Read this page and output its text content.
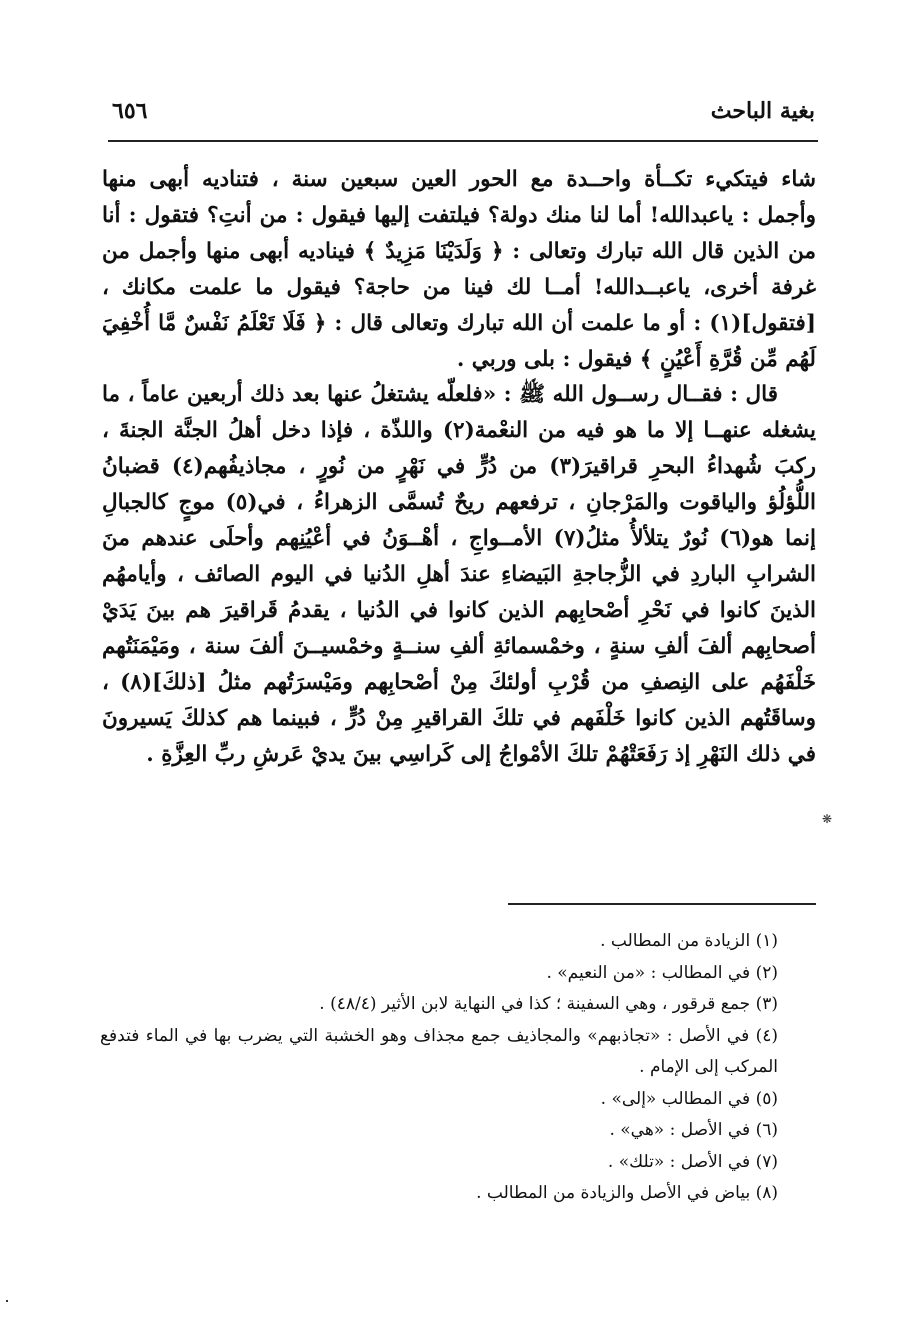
بغية الباحث
٦٥٦

شاء فيتكيء تكــأة واحــدة مع الحور العين سبعين سنة ، فتناديه أبهى منها وأجمل : ياعبدالله! أما لنا منك دولة؟ فيلتفت إليها فيقول : من أنتِ؟ فتقول : أنا من الذين قال الله تبارك وتعالى : ﴿ وَلَدَيْنَا مَزِيدٌ ﴾ فيناديه أبهى منها وأجمل من غرفة أخرى، ياعبــدالله! أمــا لك فينا من حاجة؟ فيقول ما علمت مكانك ، [فتقول](١) : أو ما علمت أن الله تبارك وتعالى قال : ﴿ فَلَا تَعْلَمُ نَفْسٌ مَّا أُخْفِيَ لَهُم مِّن قُرَّةِ أَعْيُنٍ ﴾ فيقول : بلى وربي .

قال : فقــال رســول الله ﷺ : «فلعلّه يشتغلُ عنها بعد ذلك أربعين عاماً ، ما يشغله عنهــا إلا ما هو فيه من النعْمة(٢) واللذّة ، فإذا دخل أهلُ الجنَّة الجنةَ ، ركبَ شُهداءُ البحرِ قراقيرَ(٣) من دُرٍّ في نَهْرٍ من نُورٍ ، مجاذيفُهم(٤) قضبانُ اللُّؤلُؤ والياقوت والمَرْجانِ ، ترفعهم ريحٌ تُسمَّى الزهراءُ ، في(٥) موجٍ كالجبالِ إنما هو(٦) نُورٌ يتلألأُ مثلُ(٧) الأمــواجِ ، أهْــوَنُ في أعْيُنِهم وأحلَى عندهم منَ الشرابِ الباردِ في الزُّجاجةِ البَيضاءِ عندَ أهلِ الدُنيا في اليوم الصائف ، وأيامهُم الذينَ كانوا في نَحْرِ أصْحابِهم الذين كانوا في الدُنيا ، يقدمُ قَراقيرَ هم بينَ يَدَيْ أصحابِهم ألفَ ألفِ سنةٍ ، وخمْسمائةِ ألفِ سنــةٍ وخمْسيــنَ ألفَ سنة ، ومَيْمَنَتُهم خَلْفَهُم على النِصفِ من قُرْبِ أولئكَ مِنْ أصْحابِهم ومَيْسرَتُهم مثلُ [ذلكَ](٨) ، وساقَتُهم الذين كانوا خَلْفَهم في تلكَ القراقيرِ مِنْ دُرٍّ ، فبينما هم كذلكَ يَسيرونَ في ذلك النَهْرِ إذ رَفَعَتْهُمْ تلكَ الأمْواجُ إلى كَراسِي بينَ يديْ عَرشِ ربِّ العِزَّةِ .

❋
(١) الزيادة من المطالب .
(٢) في المطالب : «من النعيم» .
(٣) جمع قرقور ، وهي السفينة ؛ كذا في النهاية لابن الأثير (٤٨/٤) .
(٤) في الأصل : «تجاذبهم» والمجاذيف جمع مجذاف وهو الخشبة التي يضرب بها في الماء فتدفع المركب إلى الإمام .
(٥) في المطالب «إلى» .
(٦) في الأصل : «هي» .
(٧) في الأصل : «تلك» .
(٨) بياض في الأصل والزيادة من المطالب .
